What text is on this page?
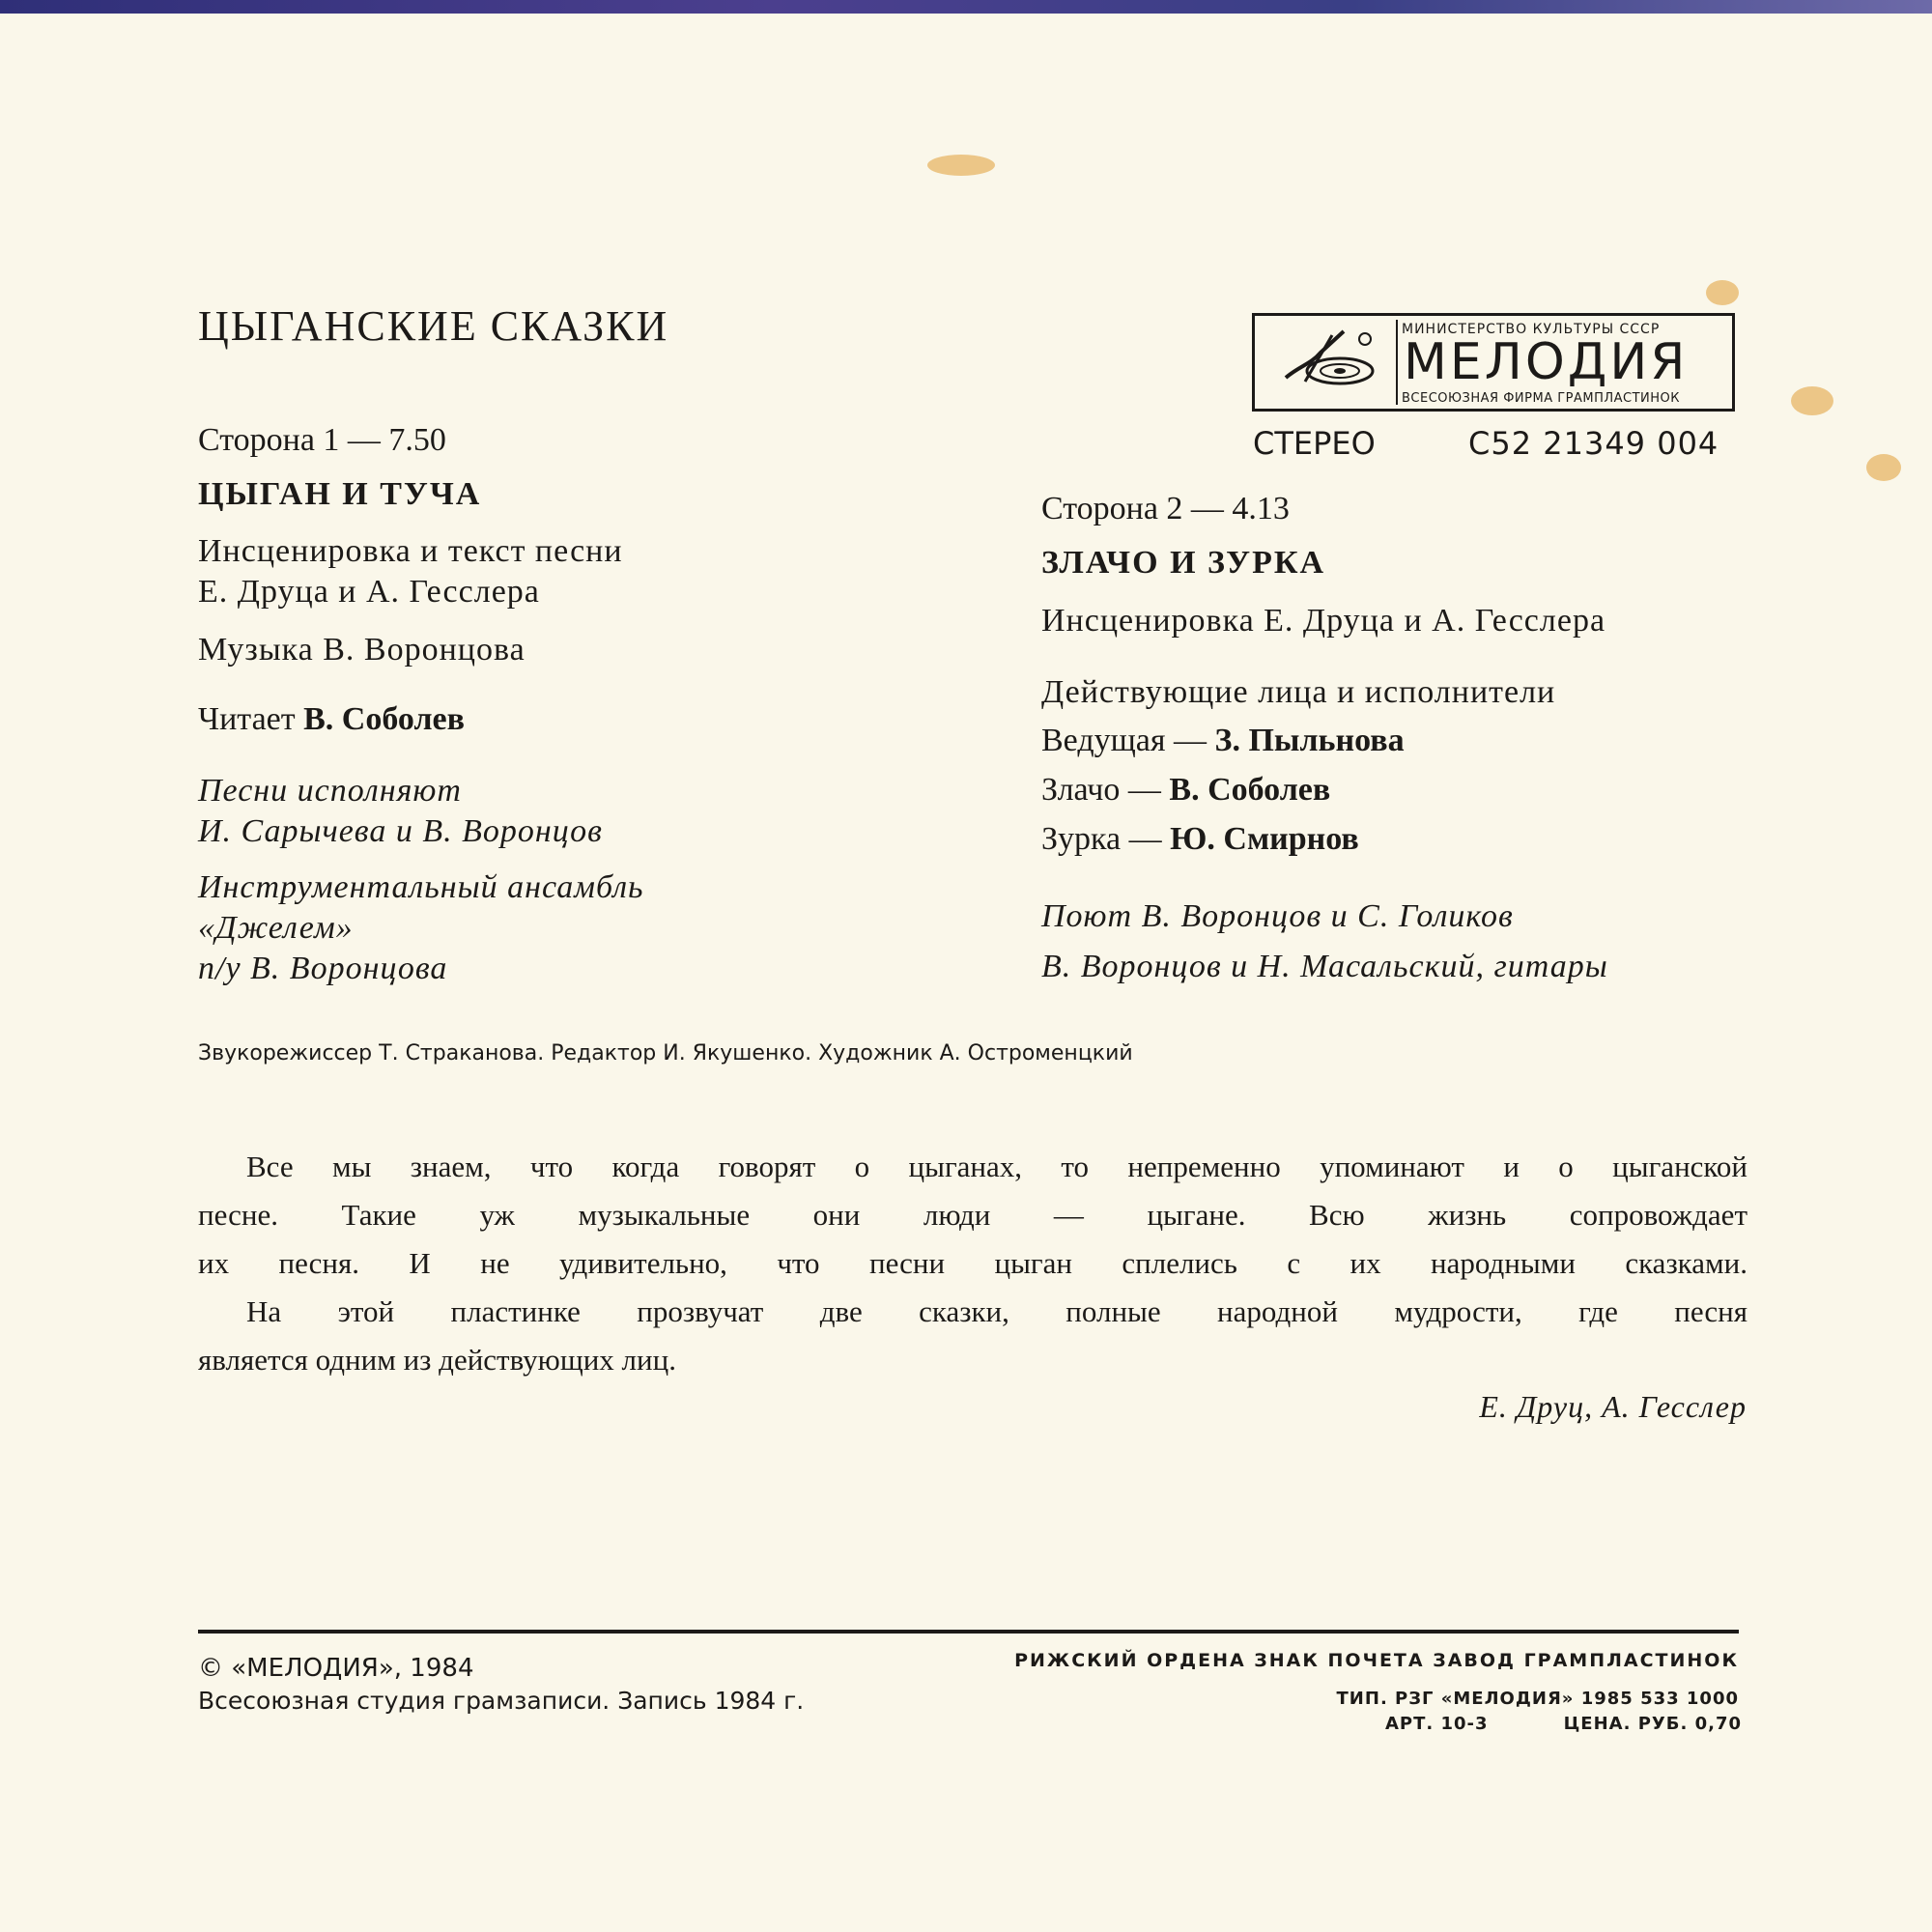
ЦЫГАНСКИЕ СКАЗКИ	МИНИСТЕРСТВО КУЛЬТУРЫ СССР
МЕЛОДИЯ
ВСЕСОЮЗНАЯ ФИРМА ГРАМПЛАСТИНОК
СТЕРЕО	С52 21349 004
Сторона 1 — 7.50
ЦЫГАН И ТУЧА
Инсценировка и текст песни
Е. Друца и А. Гесслера
Музыка В. Воронцова
Читает В. Соболев
Песни исполняют
И. Сарычева и В. Воронцов
Инструментальный ансамбль
«Джелем»
п/у В. Воронцова
Сторона 2 — 4.13
ЗЛАЧО И ЗУРКА
Инсценировка Е. Друца и А. Гесслера
Действующие лица и исполнители
Ведущая — З. Пыльнова
Злачо — В. Соболев
Зурка — Ю. Смирнов
Поют В. Воронцов и С. Голиков
В. Воронцов и Н. Масальский, гитары
Звукорежиссер Т. Страканова. Редактор И. Якушенко. Художник А. Остроменцкий

Все мы знаем, что когда говорят о цыганах, то непременно упоминают и о цыганской

песне. Такие уж музыкальные они люди — цыгане. Всю жизнь сопровождает

их песня. И не удивительно, что песни цыган сплелись с их народными сказками.

На этой пластинке прозвучат две сказки, полные народной мудрости, где песня

является одним из действующих лиц.

Е. Друц, А. Гесслер
© «МЕЛОДИЯ», 1984
Всесоюзная студия грамзаписи. Запись 1984 г.
РИЖСКИЙ ОРДЕНА ЗНАК ПОЧЕТА ЗАВОД ГРАМПЛАСТИНОК
ТИП. РЗГ «МЕЛОДИЯ» 1985 533 1000
АРТ. 10-3	ЦЕНА. РУБ. 0,70
